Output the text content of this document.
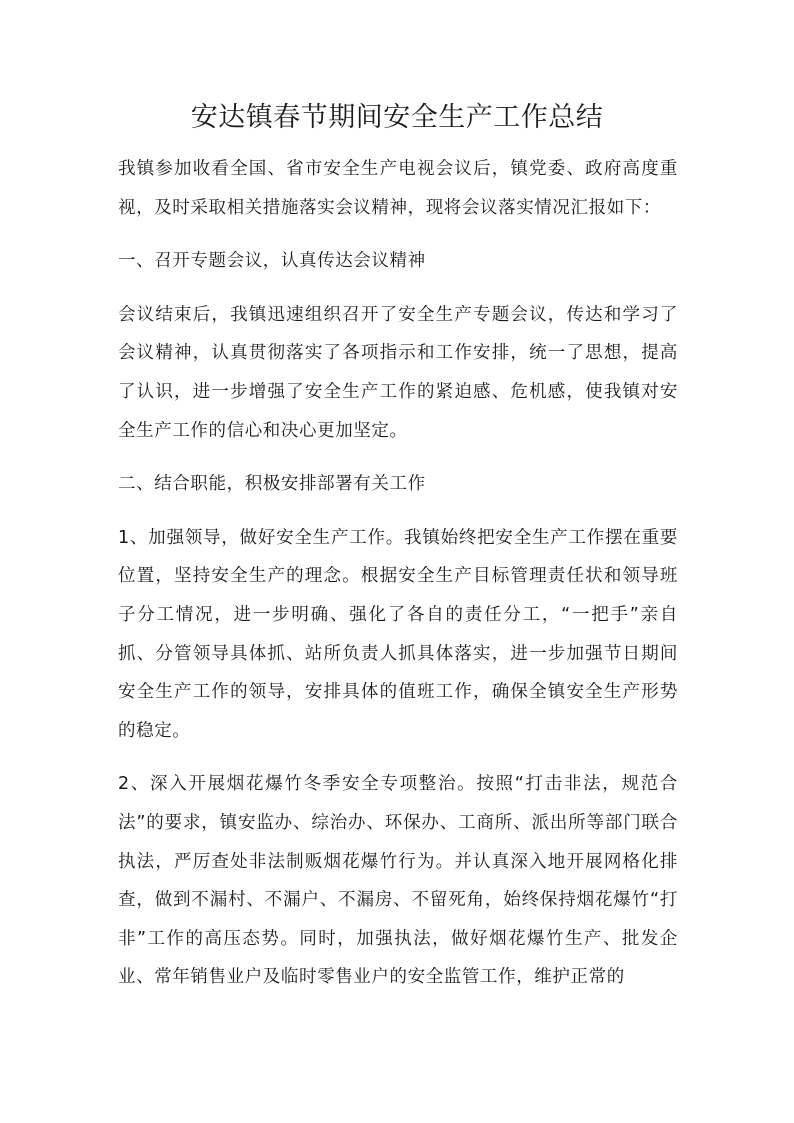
安达镇春节期间安全生产工作总结

我镇参加收看全国、省市安全生产电视会议后，镇党委、政府高度重视，及时采取相关措施落实会议精神，现将会议落实情况汇报如下：

一、召开专题会议，认真传达会议精神

会议结束后，我镇迅速组织召开了安全生产专题会议，传达和学习了会议精神，认真贯彻落实了各项指示和工作安排，统一了思想，提高了认识，进一步增强了安全生产工作的紧迫感、危机感，使我镇对安全生产工作的信心和决心更加坚定。

二、结合职能，积极安排部署有关工作

1、加强领导，做好安全生产工作。我镇始终把安全生产工作摆在重要位置，坚持安全生产的理念。根据安全生产目标管理责任状和领导班子分工情况，进一步明确、强化了各自的责任分工，“一把手”亲自抓、分管领导具体抓、站所负责人抓具体落实，进一步加强节日期间安全生产工作的领导，安排具体的值班工作，确保全镇安全生产形势的稳定。

2、深入开展烟花爆竹冬季安全专项整治。按照“打击非法，规范合法”的要求，镇安监办、综治办、环保办、工商所、派出所等部门联合执法，严厉查处非法制贩烟花爆竹行为。并认真深入地开展网格化排查，做到不漏村、不漏户、不漏房、不留死角，始终保持烟花爆竹“打非”工作的高压态势。同时，加强执法，做好烟花爆竹生产、批发企业、常年销售业户及临时零售业户的安全监管工作，维护正常的
